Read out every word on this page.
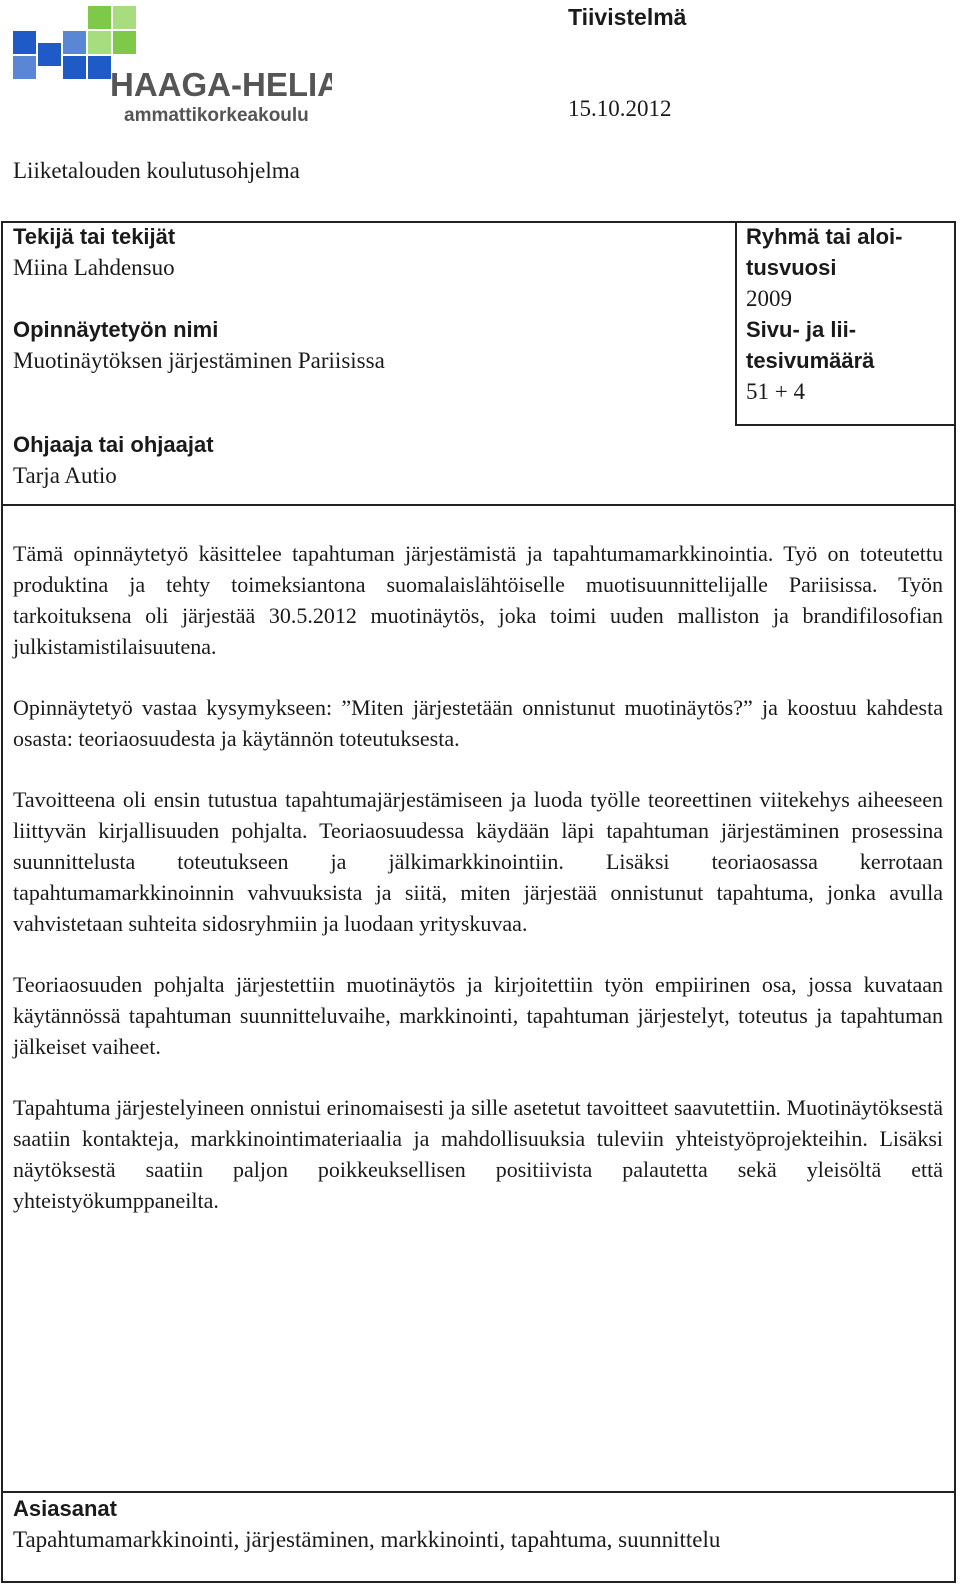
HAAGA-HELIA
ammattikorkeakoulu
Tiivistelmä
15.10.2012
Liiketalouden koulutusohjelma
Tekijä tai tekijät
Miina Lahdensuo
Opinnäytetyön nimi
Muotinäytöksen järjestäminen Pariisissa
Ohjaaja tai ohjaajat
Tarja Autio
Ryhmä tai aloi-
tusvuosi
2009
Sivu- ja lii-
tesivumäärä
51 + 4

Tämä opinnäytetyö käsittelee tapahtuman järjestämistä ja tapahtumamarkkinointia. Työ on toteutettu produktina ja tehty toimeksiantona suomalaislähtöiselle muotisuunnittelijalle Pariisissa. Työn tarkoituksena oli järjestää 30.5.2012 muotinäytös, joka toimi uuden malliston ja brandifilosofian julkistamistilaisuutena.

Opinnäytetyö vastaa kysymykseen: ”Miten järjestetään onnistunut muotinäytös?” ja koostuu kahdesta osasta: teoriaosuudesta ja käytännön toteutuksesta.

Tavoitteena oli ensin tutustua tapahtumajärjestämiseen ja luoda työlle teoreettinen viitekehys aiheeseen liittyvän kirjallisuuden pohjalta. Teoriaosuudessa käydään läpi tapahtuman järjestäminen prosessina suunnittelusta toteutukseen ja jälkimarkkinointiin. Lisäksi teoriaosassa kerrotaan tapahtumamarkkinoinnin vahvuuksista ja siitä, miten järjestää onnistunut tapahtuma, jonka avulla vahvistetaan suhteita sidosryhmiin ja luodaan yrityskuvaa.

Teoriaosuuden pohjalta järjestettiin muotinäytös ja kirjoitettiin työn empiirinen osa, jossa kuvataan käytännössä tapahtuman suunnitteluvaihe, markkinointi, tapahtuman järjestelyt, toteutus ja tapahtuman jälkeiset vaiheet.

Tapahtuma järjestelyineen onnistui erinomaisesti ja sille asetetut tavoitteet saavutettiin. Muotinäytöksestä saatiin kontakteja, markkinointimateriaalia ja mahdollisuuksia tuleviin yhteistyöprojekteihin. Lisäksi näytöksestä saatiin paljon poikkeuksellisen positiivista palautetta sekä yleisöltä että yhteistyökumppaneilta.

Asiasanat
Tapahtumamarkkinointi, järjestäminen, markkinointi, tapahtuma, suunnittelu
